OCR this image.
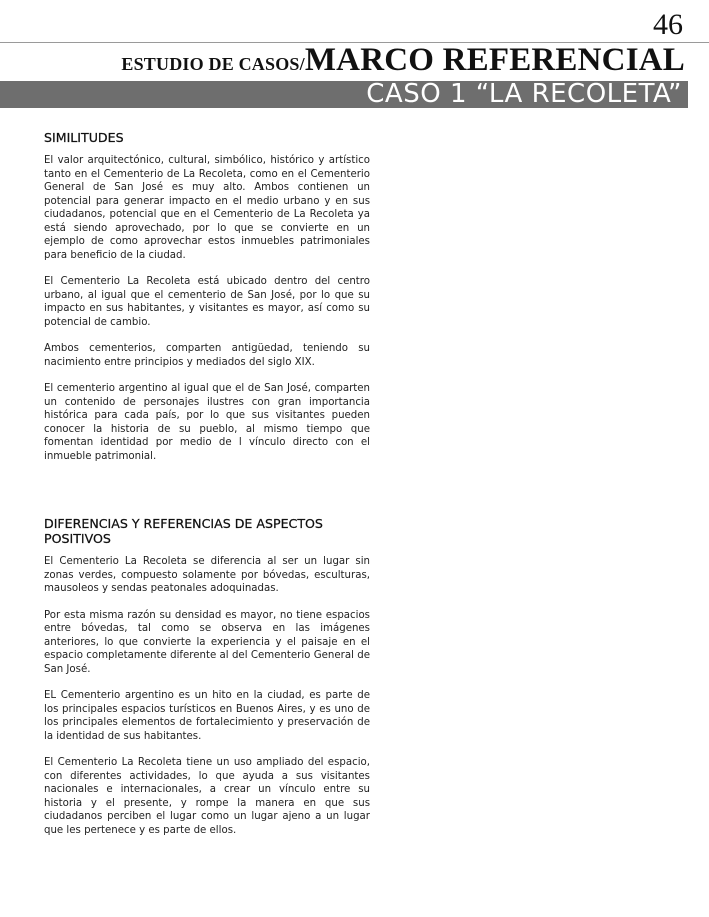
46
ESTUDIO DE CASOS/MARCO REFERENCIAL
CASO 1 “LA RECOLETA”
SIMILITUDES

El valor arquitectónico, cultural, simbólico, histórico y artístico tanto en el Cementerio de La Recoleta, como en el Cementerio General de San José es muy alto. Ambos contienen un potencial para generar impacto en el medio urbano y en sus ciudadanos, potencial que en el Cementerio de La Recoleta ya está siendo aprovechado, por lo que se convierte en un ejemplo de como aprovechar estos inmuebles patrimoniales para beneficio de la ciudad.

El Cementerio La Recoleta está ubicado dentro del centro urbano, al igual que el cementerio de San José, por lo que su impacto en sus habitantes, y visitantes es mayor, así como su potencial de cambio.

Ambos cementerios, comparten antigüedad, teniendo su nacimiento entre principios y mediados del siglo XIX.

El cementerio argentino al igual que el de San José, comparten un contenido de personajes ilustres con gran importancia histórica para cada país, por lo que sus visitantes pueden conocer la historia de su pueblo, al mismo tiempo que fomentan identidad por medio de l vínculo directo con el inmueble patrimonial.

DIFERENCIAS Y REFERENCIAS DE ASPECTOS POSITIVOS

El Cementerio La Recoleta se diferencia al ser un lugar sin zonas verdes, compuesto solamente por bóvedas, esculturas, mausoleos y sendas peatonales adoquinadas.

Por esta misma razón su densidad es mayor, no tiene espacios entre bóvedas, tal como se observa en las imágenes anteriores, lo que convierte la experiencia y el paisaje en el espacio completamente diferente al del Cementerio General de San José.

EL Cementerio argentino es un hito en la ciudad, es parte de los principales espacios turísticos en Buenos Aires, y es uno de los principales elementos de fortalecimiento y preservación de la identidad de sus habitantes.

El Cementerio La Recoleta tiene un uso ampliado del espacio, con diferentes actividades, lo que ayuda a sus visitantes nacionales e internacionales, a crear un vínculo entre su historia y el presente, y rompe la manera en que sus ciudadanos perciben el lugar como un lugar ajeno a un lugar que les pertenece y es parte de ellos.
